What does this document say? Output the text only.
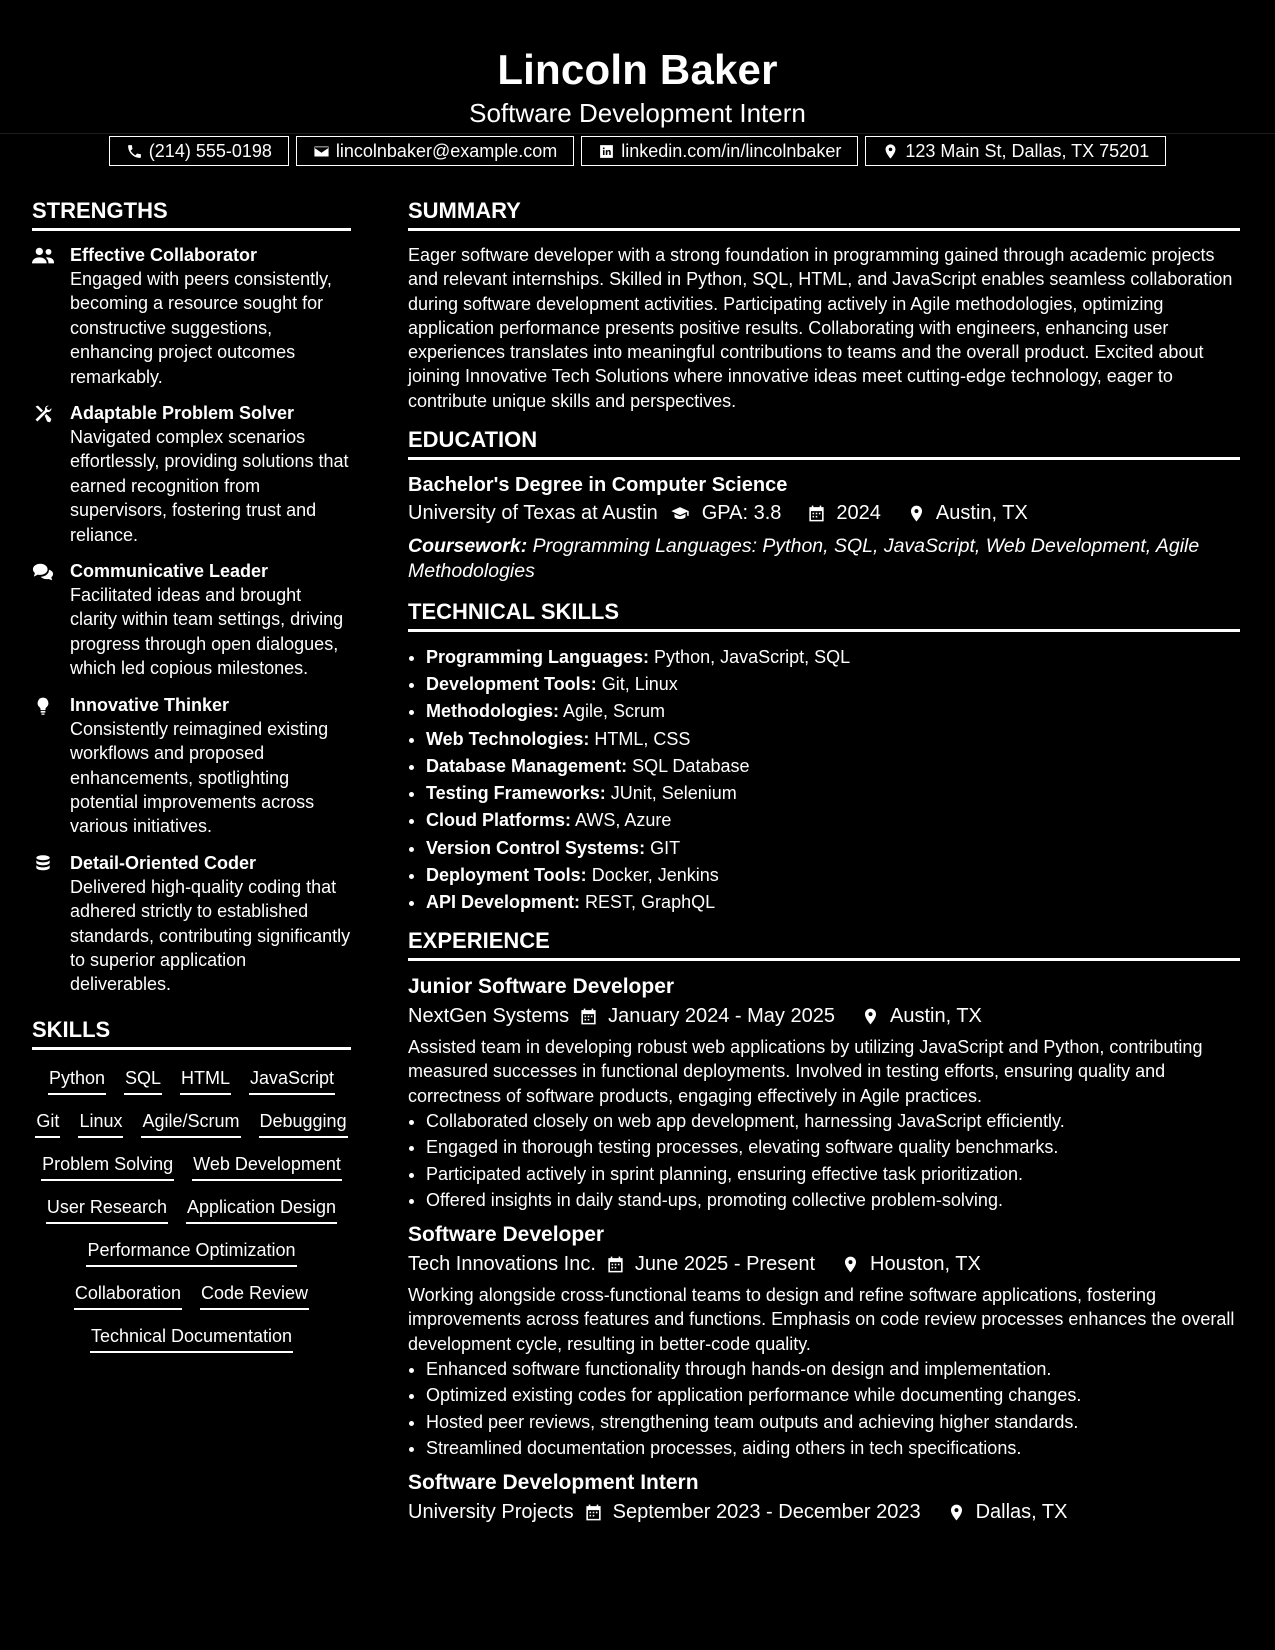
Lincoln Baker
Software Development Intern
(214) 555-0198	lincolnbaker@example.com	linkedin.com/in/lincolnbaker	123 Main St, Dallas, TX 75201
STRENGTHS
Effective Collaborator
Engaged with peers consistently, becoming a resource sought for constructive suggestions, enhancing project outcomes remarkably.
Adaptable Problem Solver
Navigated complex scenarios effortlessly, providing solutions that earned recognition from supervisors, fostering trust and reliance.
Communicative Leader
Facilitated ideas and brought clarity within team settings, driving progress through open dialogues, which led copious milestones.
Innovative Thinker
Consistently reimagined existing workflows and proposed enhancements, spotlighting potential improvements across various initiatives.
Detail-Oriented Coder
Delivered high-quality coding that adhered strictly to established standards, contributing significantly to superior application deliverables.
SKILLS
Python SQL HTML JavaScript
Git Linux Agile/Scrum Debugging
Problem Solving Web Development
User Research Application Design
Performance Optimization
Collaboration Code Review
Technical Documentation
SUMMARY
Eager software developer with a strong foundation in programming gained through academic projects and relevant internships. Skilled in Python, SQL, HTML, and JavaScript enables seamless collaboration during software development activities. Participating actively in Agile methodologies, optimizing application performance presents positive results. Collaborating with engineers, enhancing user experiences translates into meaningful contributions to teams and the overall product. Excited about joining Innovative Tech Solutions where innovative ideas meet cutting-edge technology, eager to contribute unique skills and perspectives.
EDUCATION
Bachelor's Degree in Computer Science
University of Texas at Austin GPA: 3.8	2024	Austin, TX
Coursework: Programming Languages: Python, SQL, JavaScript, Web Development, Agile Methodologies
TECHNICAL SKILLS
• Programming Languages: Python, JavaScript, SQL
• Development Tools: Git, Linux
• Methodologies: Agile, Scrum
• Web Technologies: HTML, CSS
• Database Management: SQL Database
• Testing Frameworks: JUnit, Selenium
• Cloud Platforms: AWS, Azure
• Version Control Systems: GIT
• Deployment Tools: Docker, Jenkins
• API Development: REST, GraphQL
EXPERIENCE
Junior Software Developer
NextGen Systems January 2024 - May 2025	Austin, TX
Assisted team in developing robust web applications by utilizing JavaScript and Python, contributing measured successes in functional deployments. Involved in testing efforts, ensuring quality and correctness of software products, engaging effectively in Agile practices.
• Collaborated closely on web app development, harnessing JavaScript efficiently.
• Engaged in thorough testing processes, elevating software quality benchmarks.
• Participated actively in sprint planning, ensuring effective task prioritization.
• Offered insights in daily stand-ups, promoting collective problem-solving.
Software Developer
Tech Innovations Inc. June 2025 - Present	Houston, TX
Working alongside cross-functional teams to design and refine software applications, fostering improvements across features and functions. Emphasis on code review processes enhances the overall development cycle, resulting in better-code quality.
• Enhanced software functionality through hands-on design and implementation.
• Optimized existing codes for application performance while documenting changes.
• Hosted peer reviews, strengthening team outputs and achieving higher standards.
• Streamlined documentation processes, aiding others in tech specifications.
Software Development Intern
University Projects September 2023 - December 2023	Dallas, TX
